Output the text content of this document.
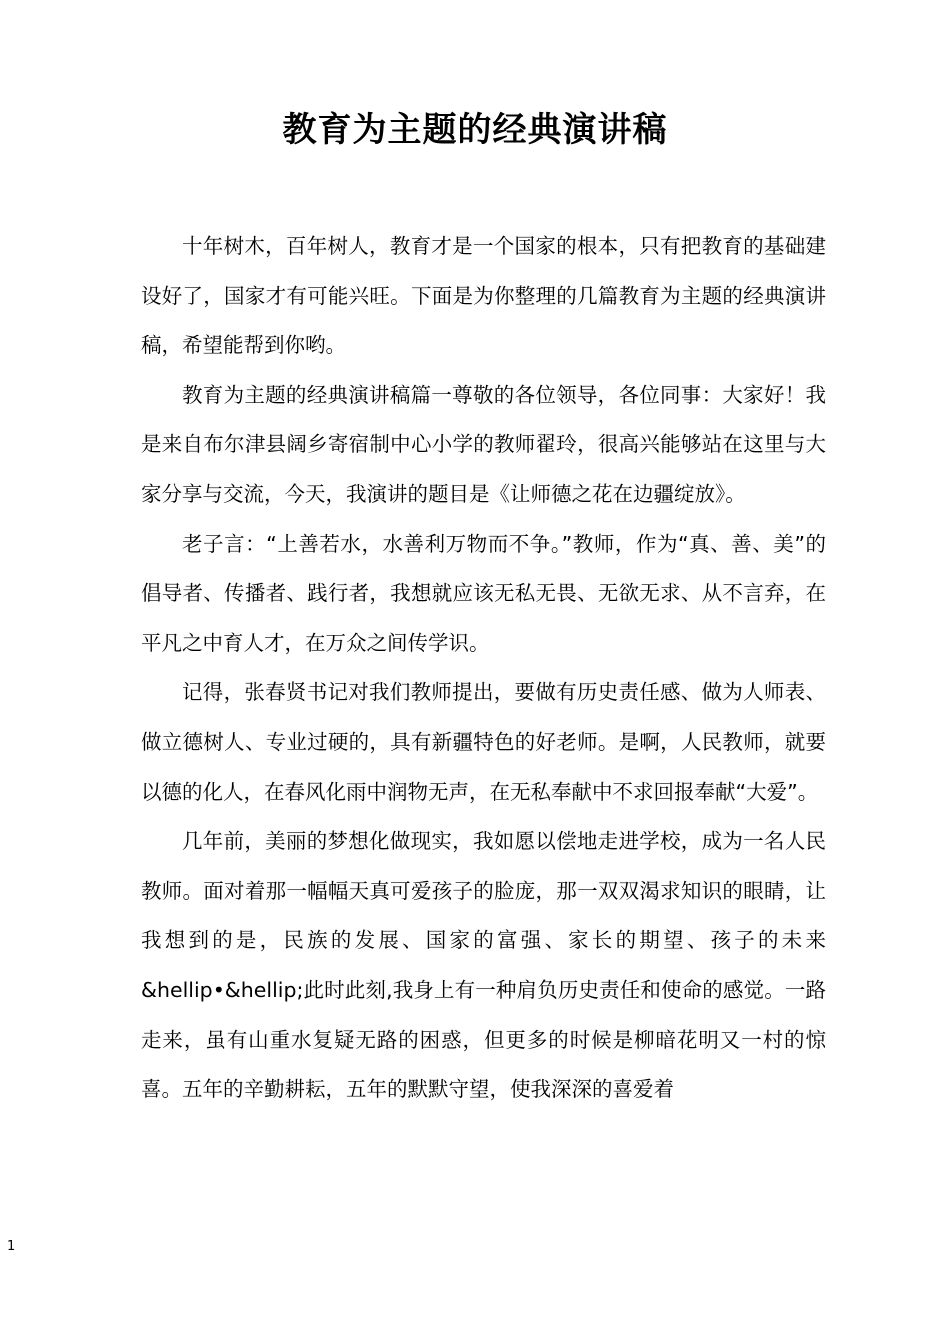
教育为主题的经典演讲稿

十年树木，百年树人，教育才是一个国家的根本，只有把教育的基础建设好了，国家才有可能兴旺。下面是为你整理的几篇教育为主题的经典演讲稿，希望能帮到你哟。

教育为主题的经典演讲稿篇一尊敬的各位领导，各位同事：大家好！我是来自布尔津县阔乡寄宿制中心小学的教师翟玲，很高兴能够站在这里与大家分享与交流，今天，我演讲的题目是《让师德之花在边疆绽放》。

老子言：“上善若水，水善利万物而不争。”教师，作为“真、善、美”的倡导者、传播者、践行者，我想就应该无私无畏、无欲无求、从不言弃，在平凡之中育人才，在万众之间传学识。

记得，张春贤书记对我们教师提出，要做有历史责任感、做为人师表、做立德树人、专业过硬的，具有新疆特色的好老师。是啊，人民教师，就要以德的化人，在春风化雨中润物无声，在无私奉献中不求回报奉献“大爱”。

几年前，美丽的梦想化做现实，我如愿以偿地走进学校，成为一名人民教师。面对着那一幅幅天真可爱孩子的脸庞，那一双双渴求知识的眼睛，让我想到的是，民族的发展、国家的富强、家长的期望、孩子的未来&hellip•&hellip;此时此刻,我身上有一种肩负历史责任和使命的感觉。一路走来，虽有山重水复疑无路的困惑，但更多的时候是柳暗花明又一村的惊喜。五年的辛勤耕耘，五年的默默守望，使我深深的喜爱着

1
